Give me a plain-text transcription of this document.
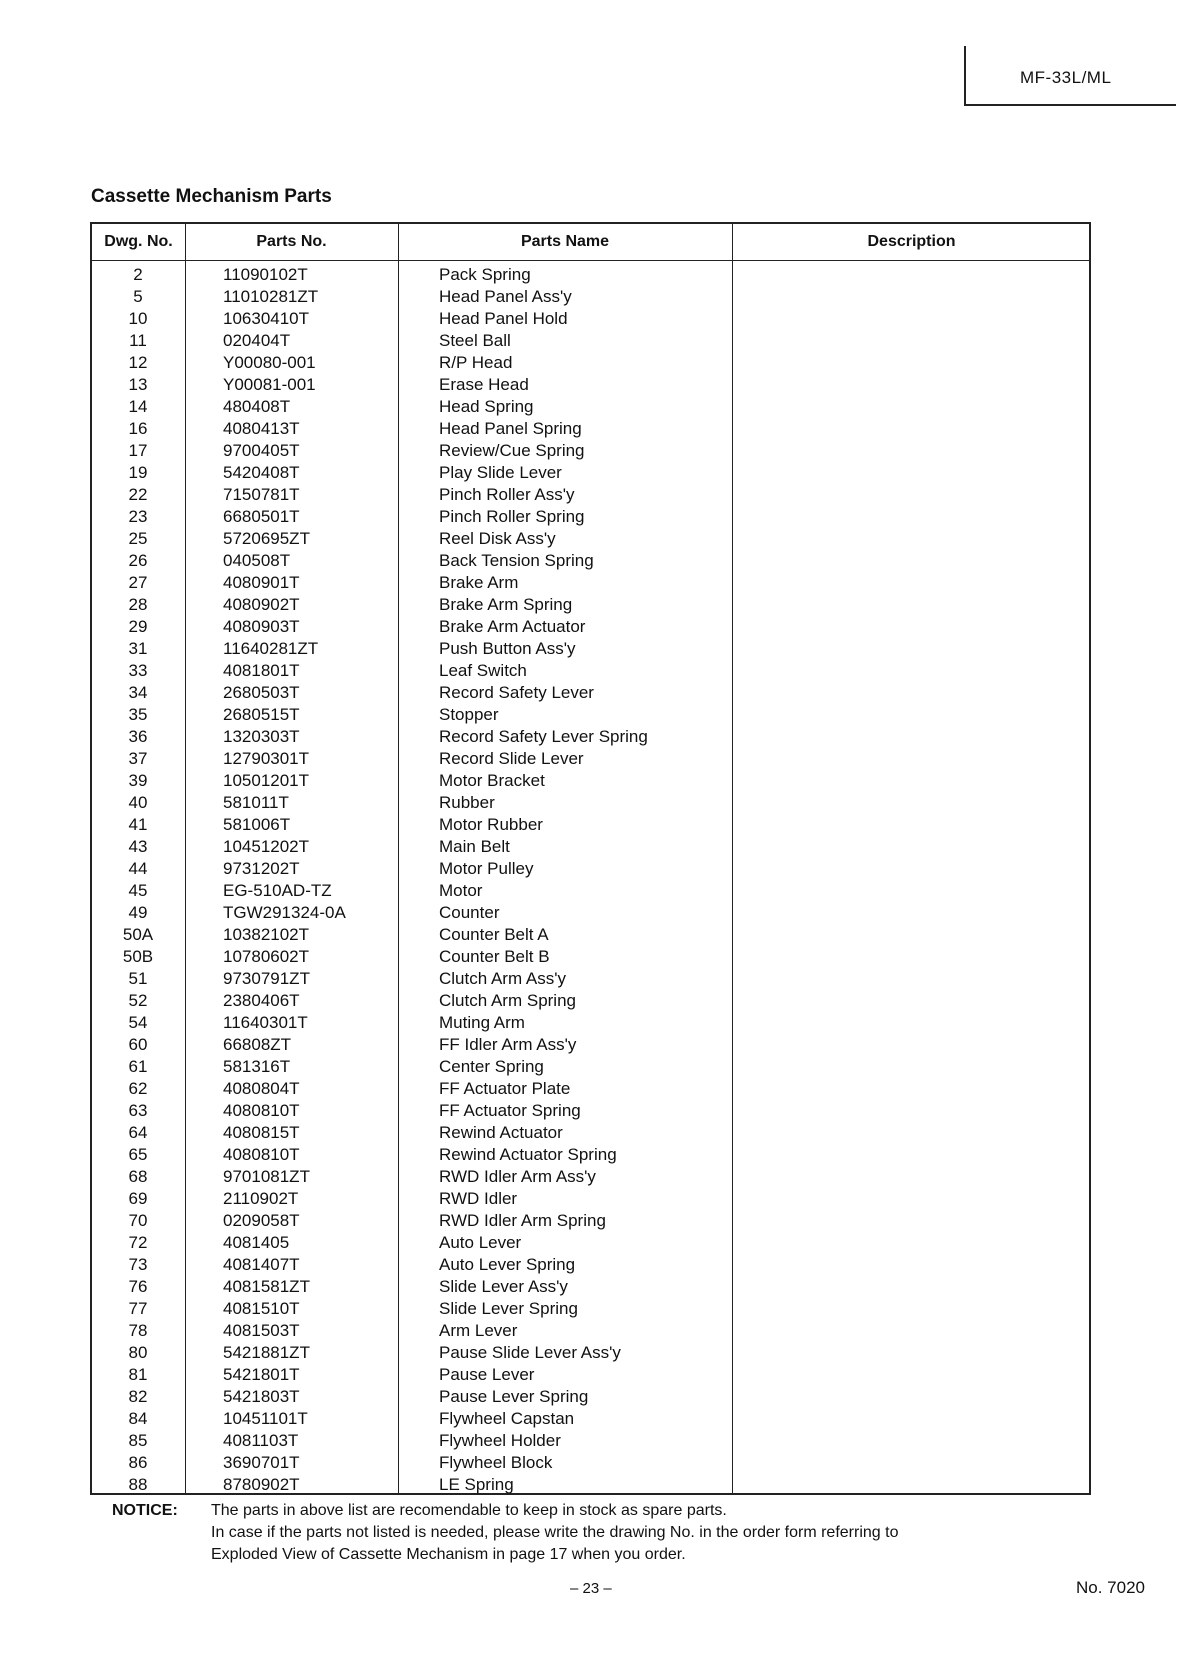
MF-33L/ML
Cassette Mechanism Parts
Dwg. No.	Parts No.	Parts Name	Description
2	11090102T	Pack Spring
5	11010281ZT	Head Panel Ass'y
10	10630410T	Head Panel Hold
11	020404T	Steel Ball
12	Y00080-001	R/P Head
13	Y00081-001	Erase Head
14	480408T	Head Spring
16	4080413T	Head Panel Spring
17	9700405T	Review/Cue Spring
19	5420408T	Play Slide Lever
22	7150781T	Pinch Roller Ass'y
23	6680501T	Pinch Roller Spring
25	5720695ZT	Reel Disk Ass'y
26	040508T	Back Tension Spring
27	4080901T	Brake Arm
28	4080902T	Brake Arm Spring
29	4080903T	Brake Arm Actuator
31	11640281ZT	Push Button Ass'y
33	4081801T	Leaf Switch
34	2680503T	Record Safety Lever
35	2680515T	Stopper
36	1320303T	Record Safety Lever Spring
37	12790301T	Record Slide Lever
39	10501201T	Motor Bracket
40	581011T	Rubber
41	581006T	Motor Rubber
43	10451202T	Main Belt
44	9731202T	Motor Pulley
45	EG-510AD-TZ	Motor
49	TGW291324-0A	Counter
50A	10382102T	Counter Belt A
50B	10780602T	Counter Belt B
51	9730791ZT	Clutch Arm Ass'y
52	2380406T	Clutch Arm Spring
54	11640301T	Muting Arm
60	66808ZT	FF Idler Arm Ass'y
61	581316T	Center Spring
62	4080804T	FF Actuator Plate
63	4080810T	FF Actuator Spring
64	4080815T	Rewind Actuator
65	4080810T	Rewind Actuator Spring
68	9701081ZT	RWD Idler Arm Ass'y
69	2110902T	RWD Idler
70	0209058T	RWD Idler Arm Spring
72	4081405	Auto Lever
73	4081407T	Auto Lever Spring
76	4081581ZT	Slide Lever Ass'y
77	4081510T	Slide Lever Spring
78	4081503T	Arm Lever
80	5421881ZT	Pause Slide Lever Ass'y
81	5421801T	Pause Lever
82	5421803T	Pause Lever Spring
84	10451101T	Flywheel Capstan
85	4081103T	Flywheel Holder
86	3690701T	Flywheel Block
88	8780902T	LE Spring
NOTICE: The parts in above list are recomendable to keep in stock as spare parts.
In case if the parts not listed is needed, please write the drawing No. in the order form referring to
Exploded View of Cassette Mechanism in page 17 when you order.
– 23 –	No. 7020
